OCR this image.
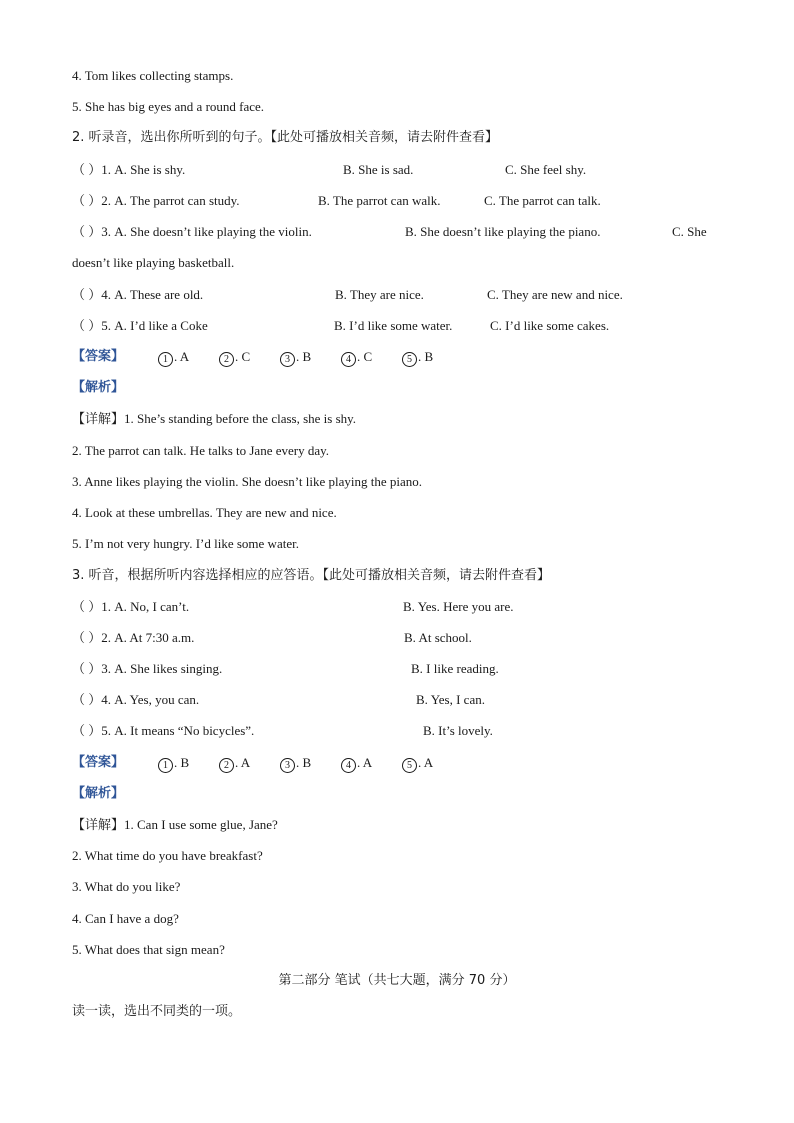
4. Tom likes collecting stamps.
5. She has big eyes and a round face.
2. 听录音，选出你所听到的句子。【此处可播放相关音频，请去附件查看】
（ ）1. A. She is shy.	B. She is sad.	C. She feel shy.
（ ）2. A. The parrot can study.	B. The parrot can walk.	C. The parrot can talk.
（ ）3. A. She doesn’t like playing the violin.	B. She doesn’t like playing the piano.	C. She
doesn’t like playing basketball.
（ ）4. A. These are old.	B. They are nice.	C. They are new and nice.
（ ）5. A. I’d like a Coke	B. I’d like some water.	C. I’d like some cakes.
【答案】	1 . A	2 . C	3 . B	4 . C	5 . B
【解析】
【详解】1. She’s standing before the class, she is shy.
2. The parrot can talk. He talks to Jane every day.
3. Anne likes playing the violin. She doesn’t like playing the piano.
4. Look at these umbrellas. They are new and nice.
5. I’m not very hungry. I’d like some water.
3. 听音，根据所听内容选择相应的应答语。【此处可播放相关音频，请去附件查看】
（ ）1. A. No, I can’t.	B. Yes. Here you are.
（ ）2. A. At 7:30 a.m.	B. At school.
（ ）3. A. She likes singing.	B. I like reading.
（ ）4. A. Yes, you can.	B. Yes, I can.
（ ）5. A. It means “No bicycles”.	B. It’s lovely.
【答案】	1 . B	2 . A	3 . B	4 . A	5 . A
【解析】
【详解】1. Can I use some glue, Jane?
2. What time do you have breakfast?
3. What do you like?
4. Can I have a dog?
5. What does that sign mean?
第二部分 笔试（共七大题，满分 70 分）
读一读，选出不同类的一项。
